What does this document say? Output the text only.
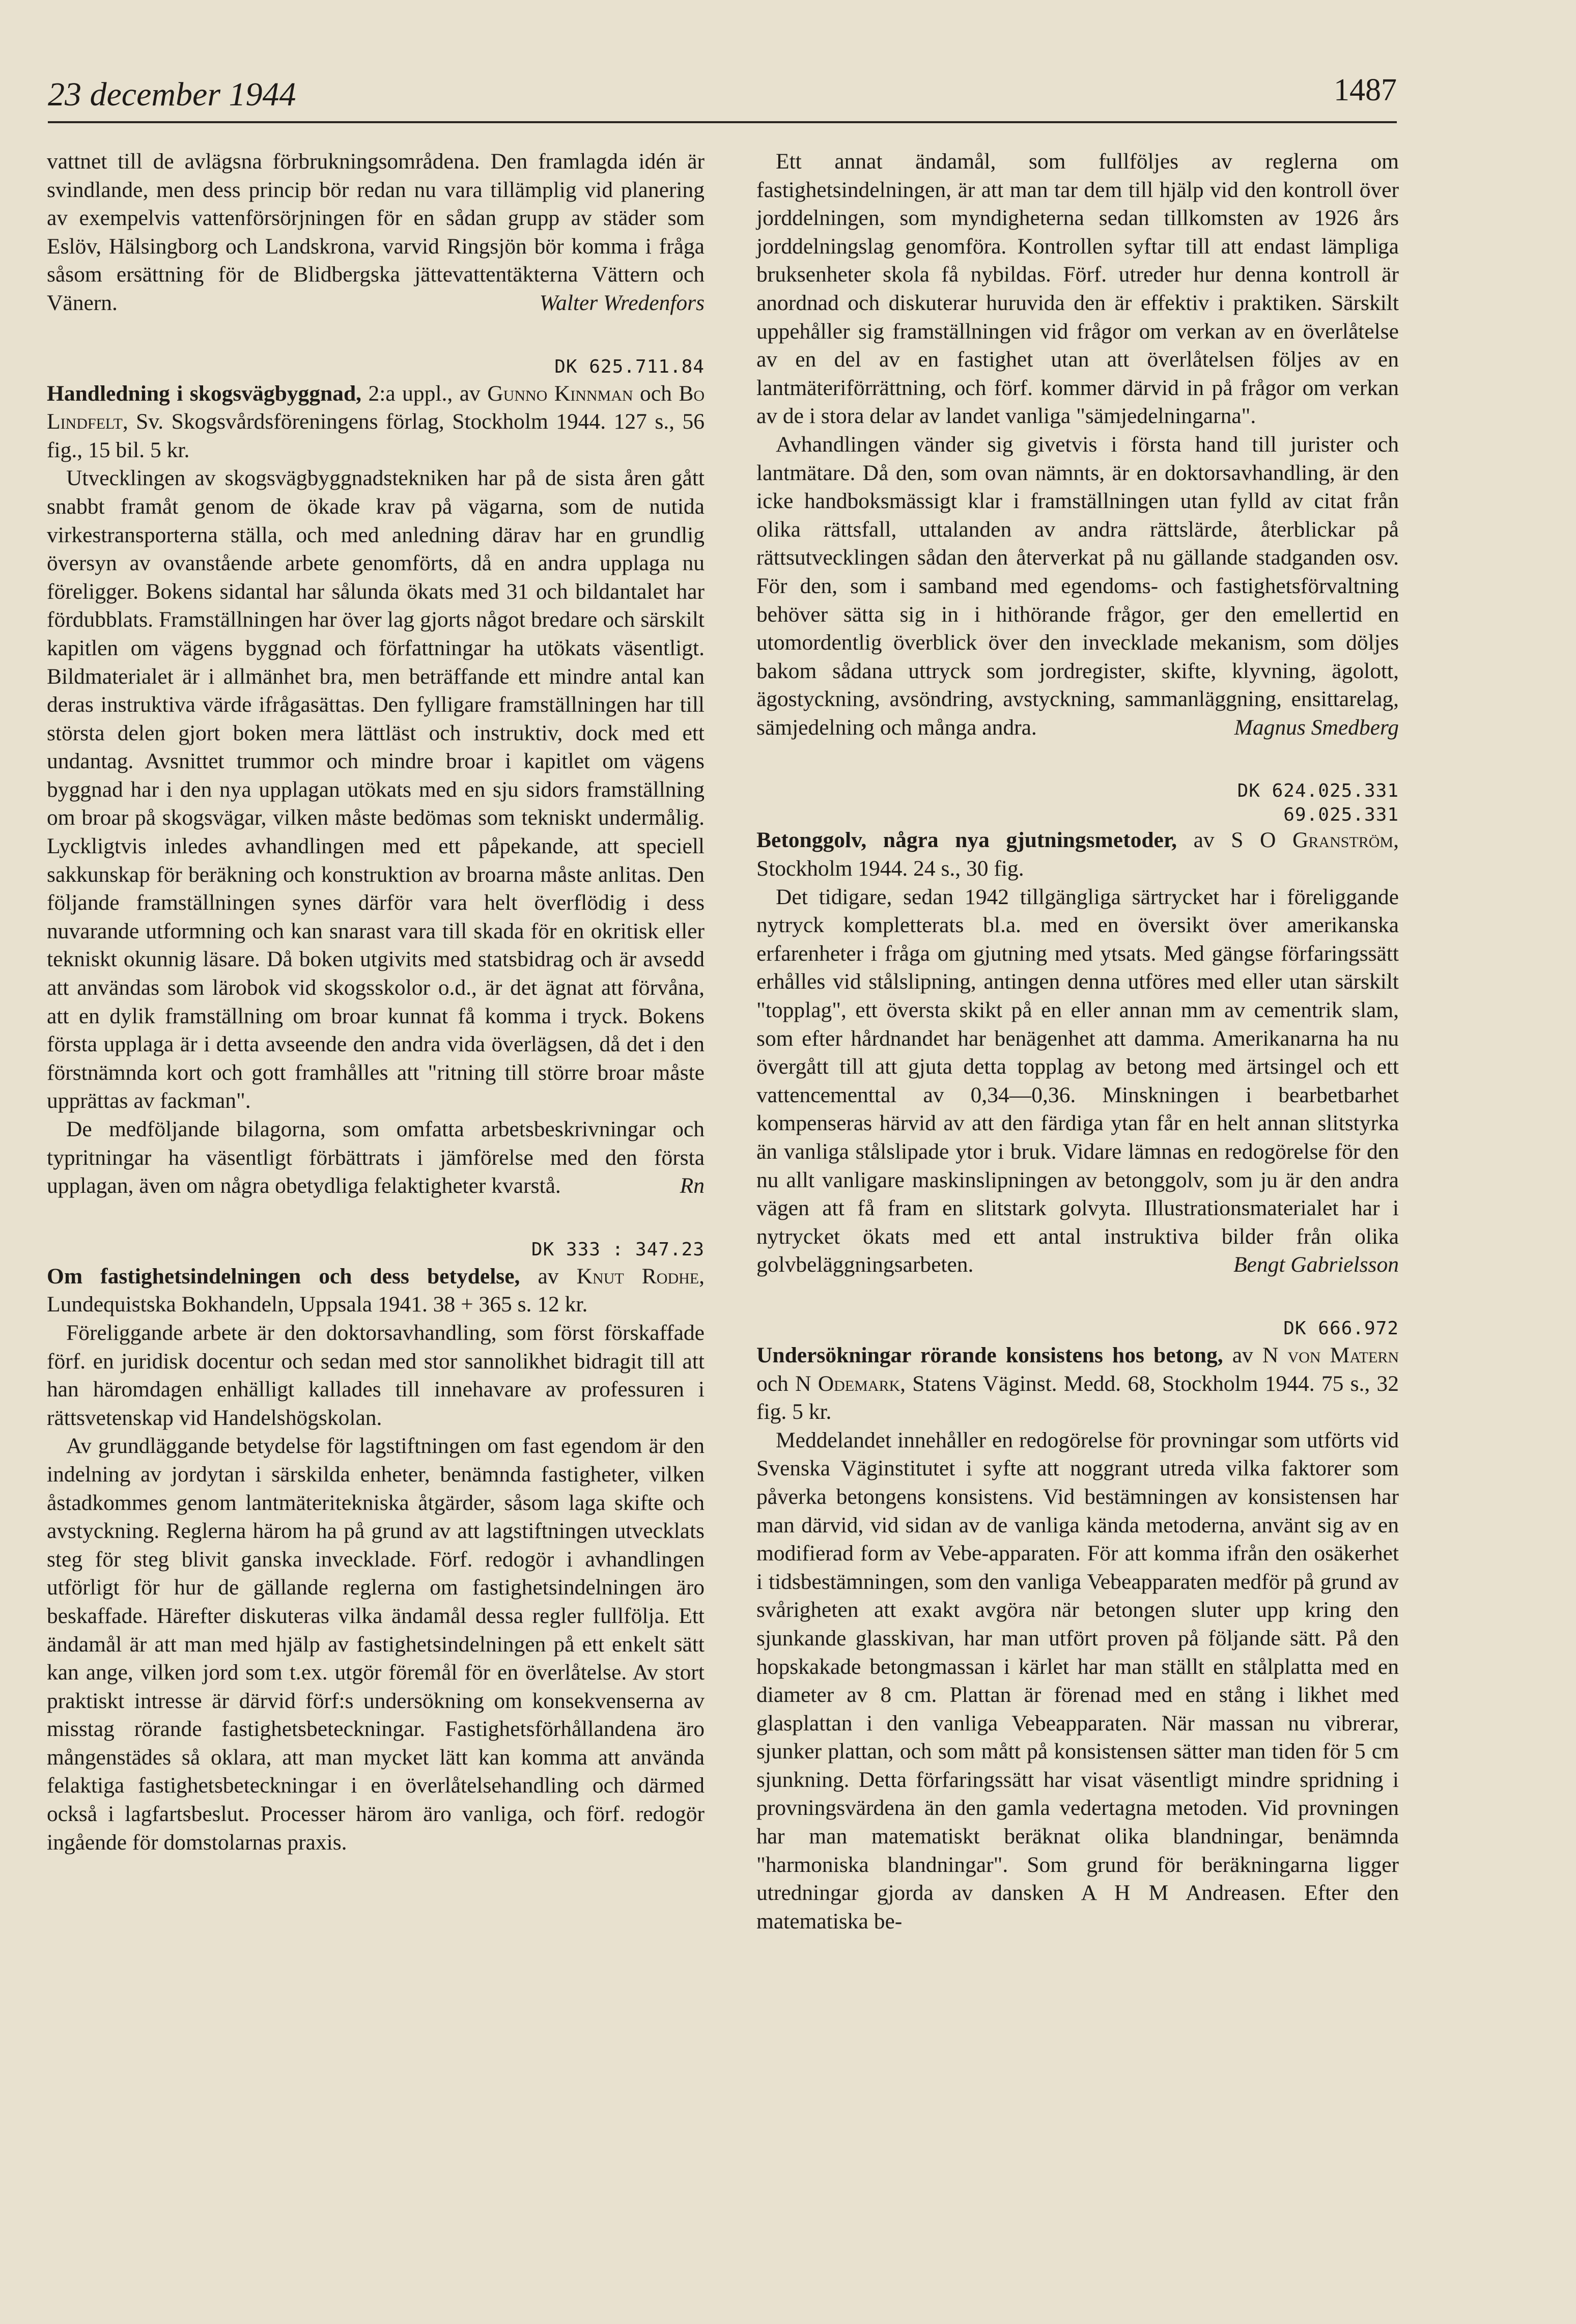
23 december 1944	1487

vattnet till de avlägsna förbrukningsområdena. Den framlagda idén är svindlande, men dess princip bör redan nu vara tillämplig vid planering av exempelvis vattenförsörjningen för en sådan grupp av städer som Eslöv, Hälsingborg och Landskrona, varvid Ringsjön bör komma i fråga såsom ersättning för de Blidbergska jättevattentäkterna Vättern och Vänern.	Walter Wredenfors

DK 625.711.84

Handledning i skogsvägbyggnad, 2:a uppl., av Gunno Kinnman och Bo Lindfelt, Sv. Skogsvårdsföreningens förlag, Stockholm 1944. 127 s., 56 fig., 15 bil. 5 kr.

Utvecklingen av skogsvägbyggnadstekniken har på de sista åren gått snabbt framåt genom de ökade krav på vägarna, som de nutida virkestransporterna ställa, och med anledning därav har en grundlig översyn av ovanstående arbete genomförts, då en andra upplaga nu föreligger. Bokens sidantal har sålunda ökats med 31 och bildantalet har fördubblats. Framställningen har över lag gjorts något bredare och särskilt kapitlen om vägens byggnad och författningar ha utökats väsentligt. Bildmaterialet är i allmänhet bra, men beträffande ett mindre antal kan deras instruktiva värde ifrågasättas. Den fylligare framställningen har till största delen gjort boken mera lättläst och instruktiv, dock med ett undantag. Avsnittet trummor och mindre broar i kapitlet om vägens byggnad har i den nya upplagan utökats med en sju sidors framställning om broar på skogsvägar, vilken måste bedömas som tekniskt undermålig. Lyckligtvis inledes avhandlingen med ett påpekande, att speciell sakkunskap för beräkning och konstruktion av broarna måste anlitas. Den följande framställningen synes därför vara helt överflödig i dess nuvarande utformning och kan snarast vara till skada för en okritisk eller tekniskt okunnig läsare. Då boken utgivits med statsbidrag och är avsedd att användas som lärobok vid skogsskolor o.d., är det ägnat att förvåna, att en dylik framställning om broar kunnat få komma i tryck. Bokens första upplaga är i detta avseende den andra vida överlägsen, då det i den förstnämnda kort och gott framhålles att "ritning till större broar måste upprättas av fackman".

De medföljande bilagorna, som omfatta arbetsbeskrivningar och typritningar ha väsentligt förbättrats i jämförelse med den första upplagan, även om några obetydliga felaktigheter kvarstå.	Rn

DK 333 : 347.23

Om fastighetsindelningen och dess betydelse, av Knut Rodhe, Lundequistska Bokhandeln, Uppsala 1941. 38 + 365 s. 12 kr.

Föreliggande arbete är den doktorsavhandling, som först förskaffade förf. en juridisk docentur och sedan med stor sannolikhet bidragit till att han häromdagen enhälligt kallades till innehavare av professuren i rättsvetenskap vid Handelshögskolan.

Av grundläggande betydelse för lagstiftningen om fast egendom är den indelning av jordytan i särskilda enheter, benämnda fastigheter, vilken åstadkommes genom lantmäteritekniska åtgärder, såsom laga skifte och avstyckning. Reglerna härom ha på grund av att lagstiftningen utvecklats steg för steg blivit ganska invecklade. Förf. redogör i avhandlingen utförligt för hur de gällande reglerna om fastighetsindelningen äro beskaffade. Härefter diskuteras vilka ändamål dessa regler fullfölja. Ett ändamål är att man med hjälp av fastighetsindelningen på ett enkelt sätt kan ange, vilken jord som t.ex. utgör föremål för en överlåtelse. Av stort praktiskt intresse är därvid förf:s undersökning om konsekvenserna av misstag rörande fastighetsbeteckningar. Fastighetsförhållandena äro mångenstädes så oklara, att man mycket lätt kan komma att använda felaktiga fastighetsbeteckningar i en överlåtelsehandling och därmed också i lagfartsbeslut. Processer härom äro vanliga, och förf. redogör ingående för domstolarnas praxis.

Ett annat ändamål, som fullföljes av reglerna om fastighetsindelningen, är att man tar dem till hjälp vid den kontroll över jorddelningen, som myndigheterna sedan tillkomsten av 1926 års jorddelningslag genomföra. Kontrollen syftar till att endast lämpliga bruksenheter skola få nybildas. Förf. utreder hur denna kontroll är anordnad och diskuterar huruvida den är effektiv i praktiken. Särskilt uppehåller sig framställningen vid frågor om verkan av en överlåtelse av en del av en fastighet utan att överlåtelsen följes av en lantmäteriförrättning, och förf. kommer därvid in på frågor om verkan av de i stora delar av landet vanliga "sämjedelningarna".

Avhandlingen vänder sig givetvis i första hand till jurister och lantmätare. Då den, som ovan nämnts, är en doktorsavhandling, är den icke handboksmässigt klar i framställningen utan fylld av citat från olika rättsfall, uttalanden av andra rättslärde, återblickar på rättsutvecklingen sådan den återverkat på nu gällande stadganden osv. För den, som i samband med egendoms- och fastighetsförvaltning behöver sätta sig in i hithörande frågor, ger den emellertid en utomordentlig överblick över den invecklade mekanism, som döljes bakom sådana uttryck som jordregister, skifte, klyvning, ägolott, ägostyckning, avsöndring, avstyckning, sammanläggning, ensittarelag, sämjedelning och många andra.	Magnus Smedberg

DK 624.025.331
69.025.331

Betonggolv, några nya gjutningsmetoder, av S O Granström, Stockholm 1944. 24 s., 30 fig.

Det tidigare, sedan 1942 tillgängliga särtrycket har i föreliggande nytryck kompletterats bl.a. med en översikt över amerikanska erfarenheter i fråga om gjutning med ytsats. Med gängse förfaringssätt erhålles vid stålslipning, antingen denna utföres med eller utan särskilt "topplag", ett översta skikt på en eller annan mm av cementrik slam, som efter hårdnandet har benägenhet att damma. Amerikanarna ha nu övergått till att gjuta detta topplag av betong med ärtsingel och ett vattencementtal av 0,34—0,36. Minskningen i bearbetbarhet kompenseras härvid av att den färdiga ytan får en helt annan slitstyrka än vanliga stålslipade ytor i bruk. Vidare lämnas en redogörelse för den nu allt vanligare maskinslipningen av betonggolv, som ju är den andra vägen att få fram en slitstark golvyta. Illustrationsmaterialet har i nytrycket ökats med ett antal instruktiva bilder från olika golvbeläggningsarbeten.	Bengt Gabrielsson

DK 666.972

Undersökningar rörande konsistens hos betong, av N von Matern och N Odemark, Statens Väginst. Medd. 68, Stockholm 1944. 75 s., 32 fig. 5 kr.

Meddelandet innehåller en redogörelse för provningar som utförts vid Svenska Väginstitutet i syfte att noggrant utreda vilka faktorer som påverka betongens konsistens. Vid bestämningen av konsistensen har man därvid, vid sidan av de vanliga kända metoderna, använt sig av en modifierad form av Vebe-apparaten. För att komma ifrån den osäkerhet i tidsbestämningen, som den vanliga Vebeapparaten medför på grund av svårigheten att exakt avgöra när betongen sluter upp kring den sjunkande glasskivan, har man utfört proven på följande sätt. På den hopskakade betongmassan i kärlet har man ställt en stålplatta med en diameter av 8 cm. Plattan är förenad med en stång i likhet med glasplattan i den vanliga Vebeapparaten. När massan nu vibrerar, sjunker plattan, och som mått på konsistensen sätter man tiden för 5 cm sjunkning. Detta förfaringssätt har visat väsentligt mindre spridning i provningsvärdena än den gamla vedertagna metoden. Vid provningen har man matematiskt beräknat olika blandningar, benämnda "harmoniska blandningar". Som grund för beräkningarna ligger utredningar gjorda av dansken A H M Andreasen. Efter den matematiska be-
